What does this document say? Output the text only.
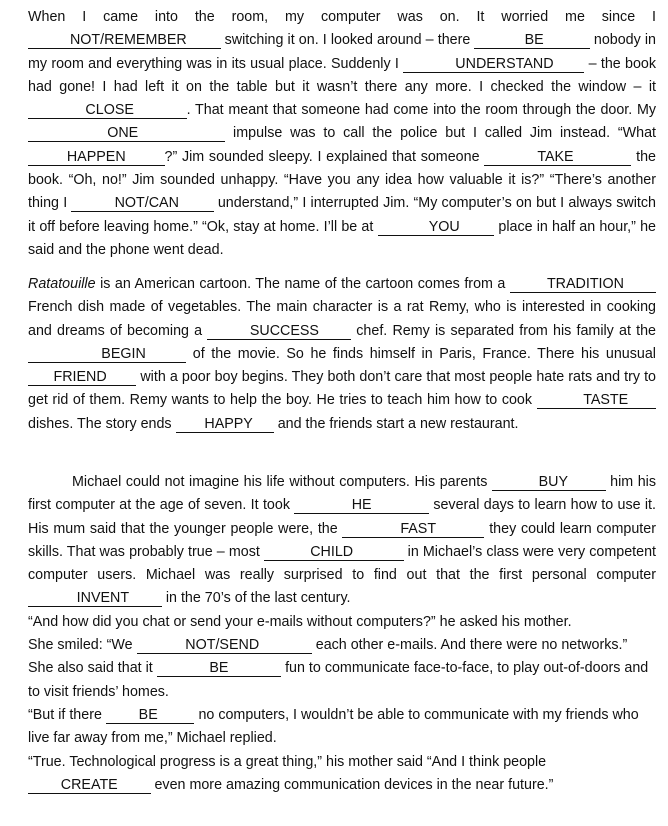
When I came into the room, my computer was on. It worried me since I           NOT/REMEMBER         switching it on. I looked around – there	BE	nobody in my room and everything was in its usual place. Suddenly I	UNDERSTAND        – the book had gone! I had left it on the table but it wasn’t there any more. I checked the window – it             CLOSE	. That meant that someone had come into the room through the door. My           ONE	impulse was to call the police but I called Jim instead. “What         HAPPEN	?” Jim sounded sleepy. I explained that someone	TAKE	the book. “Oh, no!” Jim sounded unhappy. “Have you any idea how valuable it is?” “There’s another thing I	NOT/CAN         understand,” I interrupted Jim. “My computer’s on but I always switch it off before leaving home.” “Ok, stay at home. I’ll be at	YOU         place in half an hour,” he said and the phone went dead.
Ratatouille is an American cartoon. The name of the cartoon comes from a	TRADITION        French dish made of vegetables. The main character is a rat Remy, who is interested in cooking and dreams of becoming a	SUCCESS       chef. Remy is separated from his family at the            BEGIN	of the movie. So he finds himself in Paris, France. There his unusual       FRIEND        with a poor boy begins. They both don’t care that most people hate rats and try to get rid of them. Remy wants to help the boy. He tries to teach him how to cook	TASTE       dishes. The story ends        HAPPY      and the friends start a new restaurant.

Michael could not imagine his life without computers. His parents	BUY	him his first computer at the age of seven. It took	HE	several days to learn how to use it. His mum said that the younger people were, the	FAST	they could learn computer skills. That was probably true – most	CHILD	in Michael’s class were very competent computer users. Michael was really surprised to find out that the first personal computer             INVENT         in the 70’s of the last century.

“And how did you chat or send your e-mails without computers?” he asked his mother.

She smiled: “We	NOT/SEND	each other e-mails. And there were no networks.”

She also said that it	BE	fun to communicate face-to-face, to play out-of-doors and to visit friends’ homes.

“But if there         BE	no computers, I wouldn’t be able to communicate with my friends who live far away from me,” Michael replied.

“True. Technological progress is a great thing,” his mother said “And I think people         CREATE         even more amazing communication devices in the near future.”
